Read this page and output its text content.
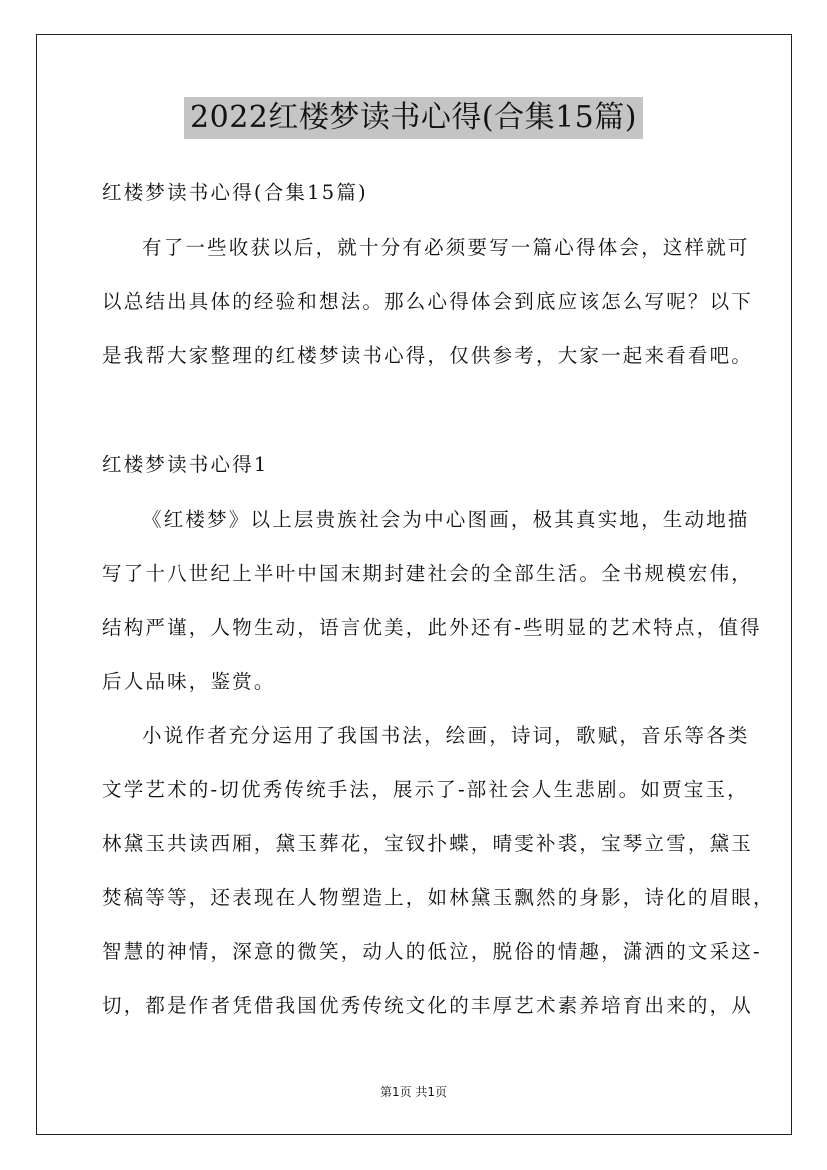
2022红楼梦读书心得(合集15篇)
红楼梦读书心得(合集15篇)
有了一些收获以后，就十分有必须要写一篇心得体会，这样就可
以总结出具体的经验和想法。那么心得体会到底应该怎么写呢？以下
是我帮大家整理的红楼梦读书心得，仅供参考，大家一起来看看吧。
红楼梦读书心得1
《红楼梦》以上层贵族社会为中心图画，极其真实地，生动地描
写了十八世纪上半叶中国末期封建社会的全部生活。全书规模宏伟，
结构严谨，人物生动，语言优美，此外还有-些明显的艺术特点，值得
后人品味，鉴赏。
小说作者充分运用了我国书法，绘画，诗词，歌赋，音乐等各类
文学艺术的-切优秀传统手法，展示了-部社会人生悲剧。如贾宝玉，
林黛玉共读西厢，黛玉葬花，宝钗扑蝶，晴雯补裘，宝琴立雪，黛玉
焚稿等等，还表现在人物塑造上，如林黛玉飘然的身影，诗化的眉眼，
智慧的神情，深意的微笑，动人的低泣，脱俗的情趣，潇洒的文采这-
切，都是作者凭借我国优秀传统文化的丰厚艺术素养培育出来的，从
第1页 共1页
